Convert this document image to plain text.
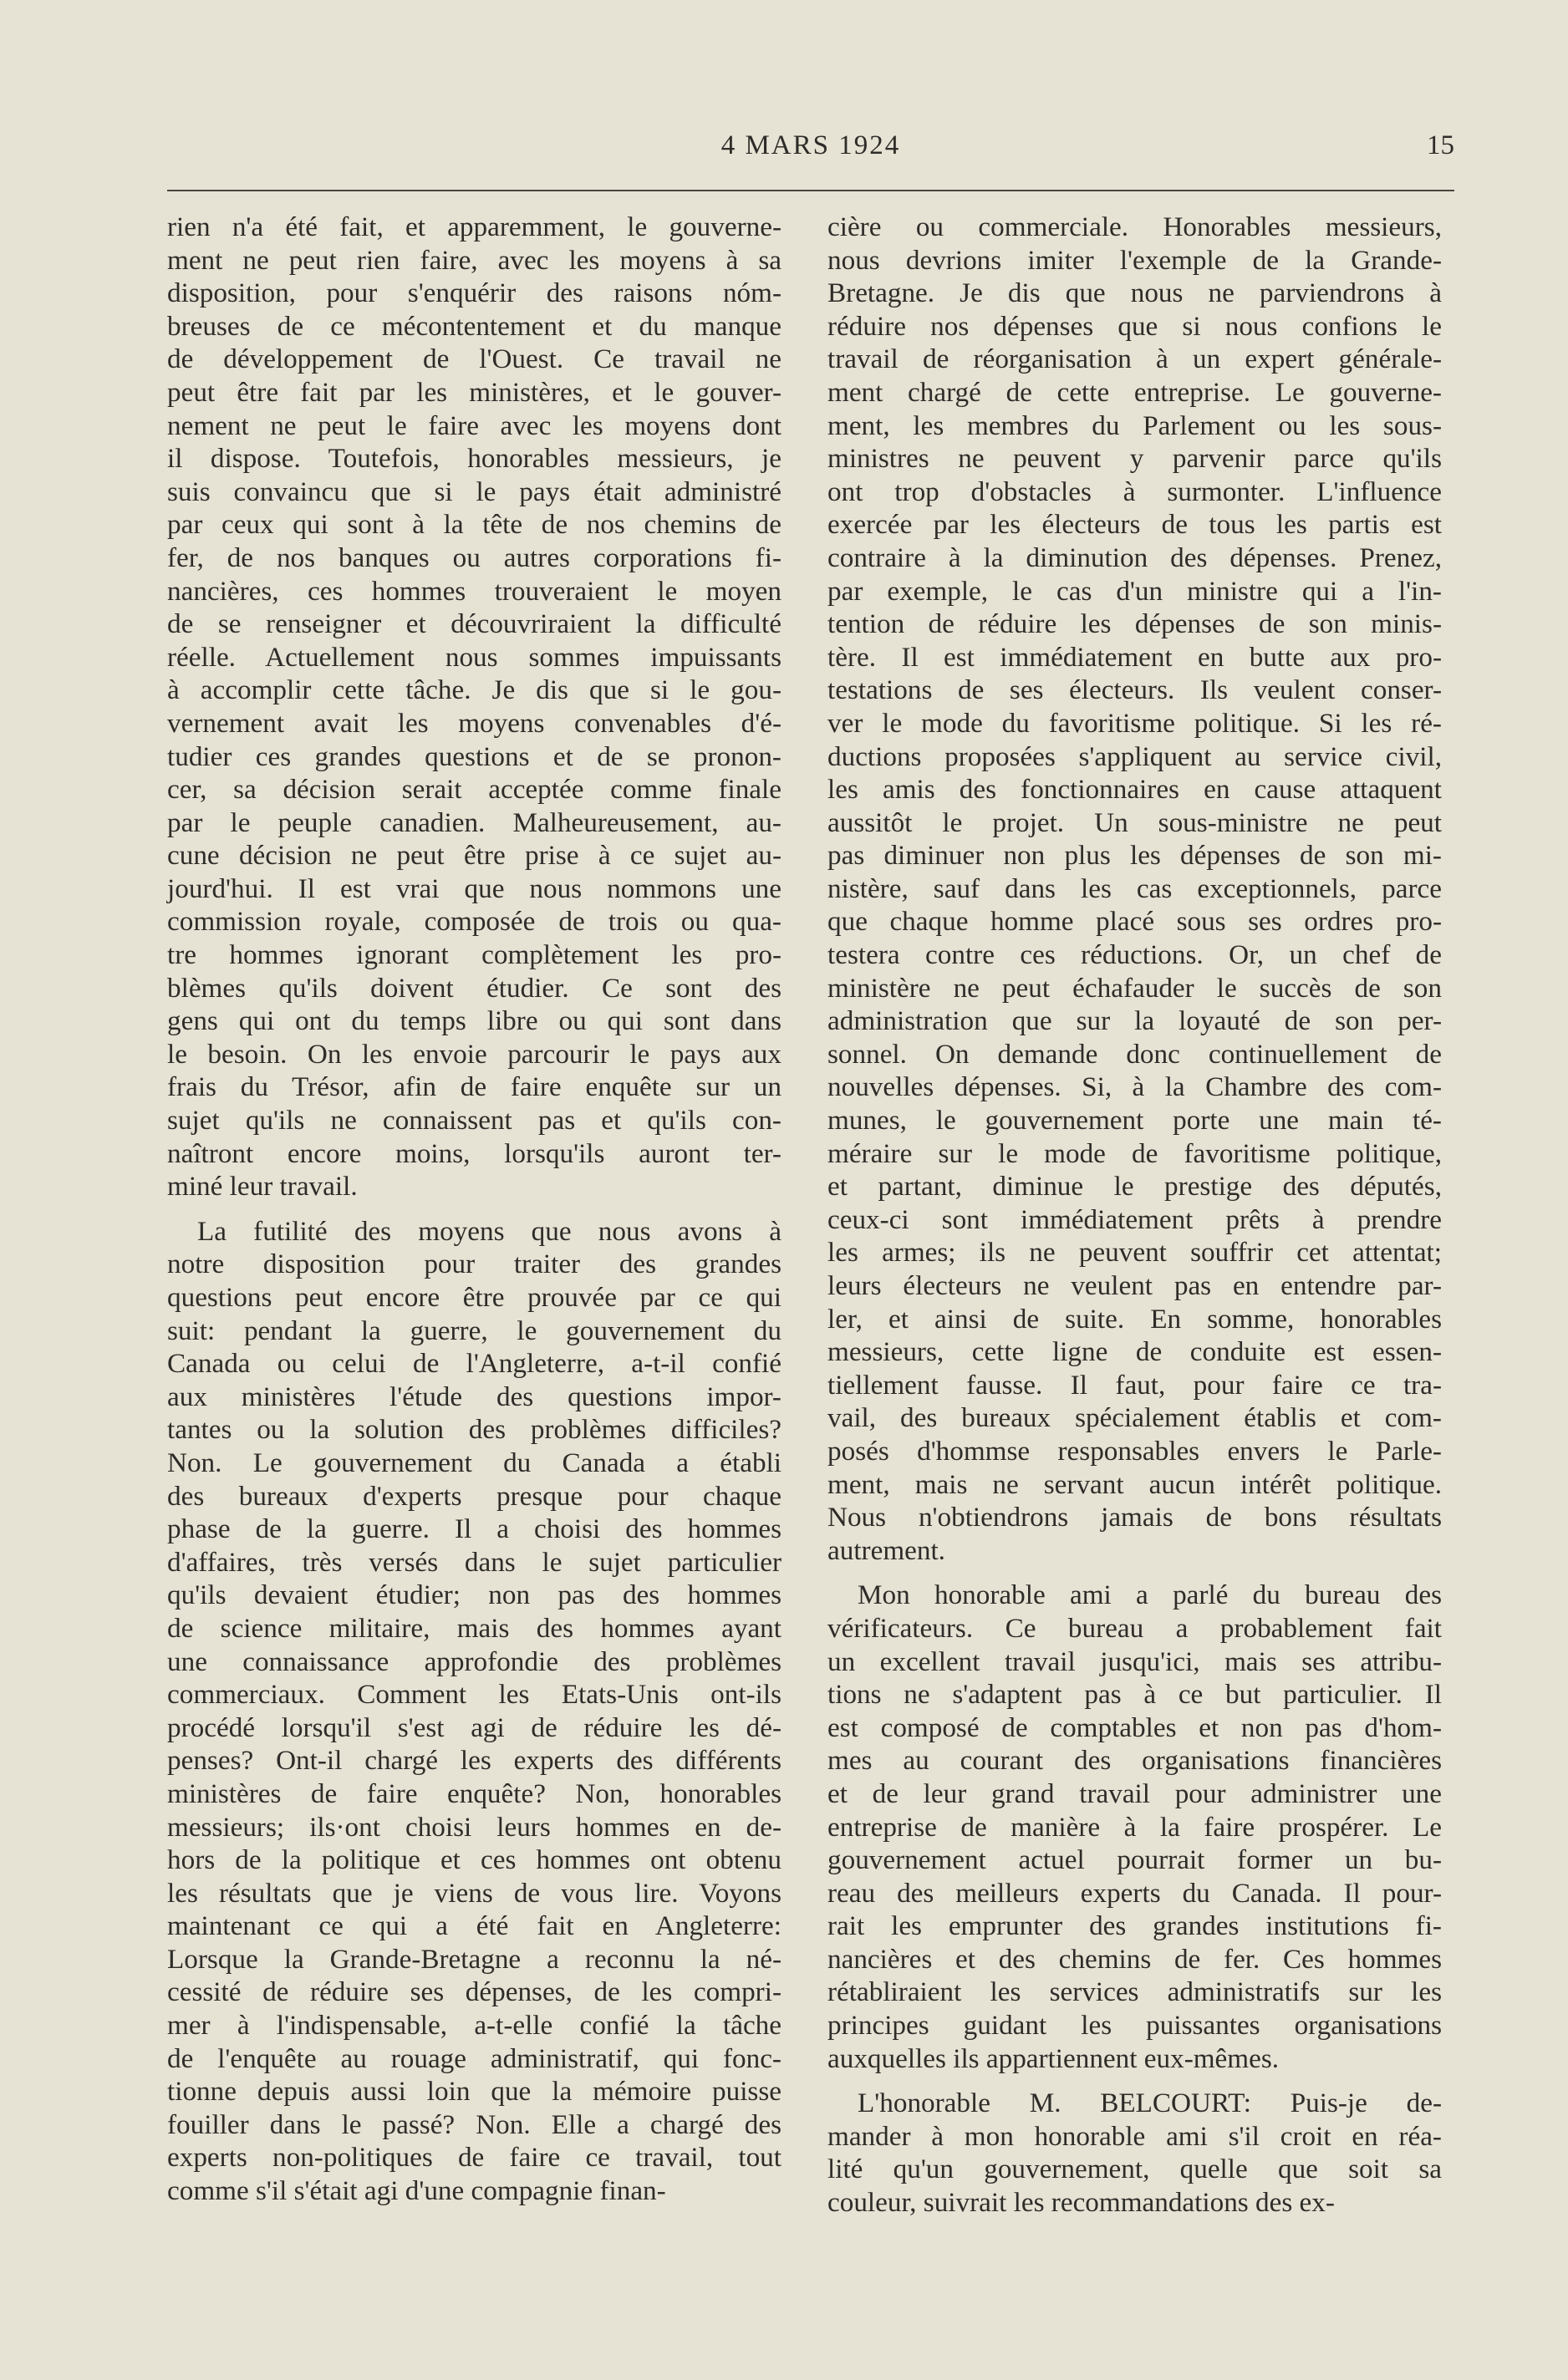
4 MARS 1924	15
rien n'a été fait, et apparemment, le gouverne-
ment ne peut rien faire, avec les moyens à sa
disposition, pour s'enquérir des raisons nóm-
breuses de ce mécontentement et du manque
de développement de l'Ouest. Ce travail ne
peut être fait par les ministères, et le gouver-
nement ne peut le faire avec les moyens dont
il dispose. Toutefois, honorables messieurs, je
suis convaincu que si le pays était administré
par ceux qui sont à la tête de nos chemins de
fer, de nos banques ou autres corporations fi-
nancières, ces hommes trouveraient le moyen
de se renseigner et découvriraient la difficulté
réelle. Actuellement nous sommes impuissants
à accomplir cette tâche. Je dis que si le gou-
vernement avait les moyens convenables d'é-
tudier ces grandes questions et de se pronon-
cer, sa décision serait acceptée comme finale
par le peuple canadien. Malheureusement, au-
cune décision ne peut être prise à ce sujet au-
jourd'hui. Il est vrai que nous nommons une
commission royale, composée de trois ou qua-
tre hommes ignorant complètement les pro-
blèmes qu'ils doivent étudier. Ce sont des
gens qui ont du temps libre ou qui sont dans
le besoin. On les envoie parcourir le pays aux
frais du Trésor, afin de faire enquête sur un
sujet qu'ils ne connaissent pas et qu'ils con-
naîtront encore moins, lorsqu'ils auront ter-
miné leur travail.
La futilité des moyens que nous avons à
notre disposition pour traiter des grandes
questions peut encore être prouvée par ce qui
suit: pendant la guerre, le gouvernement du
Canada ou celui de l'Angleterre, a-t-il confié
aux ministères l'étude des questions impor-
tantes ou la solution des problèmes difficiles?
Non. Le gouvernement du Canada a établi
des bureaux d'experts presque pour chaque
phase de la guerre. Il a choisi des hommes
d'affaires, très versés dans le sujet particulier
qu'ils devaient étudier; non pas des hommes
de science militaire, mais des hommes ayant
une connaissance approfondie des problèmes
commerciaux. Comment les Etats-Unis ont-ils
procédé lorsqu'il s'est agi de réduire les dé-
penses? Ont-il chargé les experts des différents
ministères de faire enquête? Non, honorables
messieurs; ils·ont choisi leurs hommes en de-
hors de la politique et ces hommes ont obtenu
les résultats que je viens de vous lire. Voyons
maintenant ce qui a été fait en Angleterre:
Lorsque la Grande-Bretagne a reconnu la né-
cessité de réduire ses dépenses, de les compri-
mer à l'indispensable, a-t-elle confié la tâche
de l'enquête au rouage administratif, qui fonc-
tionne depuis aussi loin que la mémoire puisse
fouiller dans le passé? Non. Elle a chargé des
experts non-politiques de faire ce travail, tout
comme s'il s'était agi d'une compagnie finan-
cière ou commerciale. Honorables messieurs,
nous devrions imiter l'exemple de la Grande-
Bretagne. Je dis que nous ne parviendrons à
réduire nos dépenses que si nous confions le
travail de réorganisation à un expert générale-
ment chargé de cette entreprise. Le gouverne-
ment, les membres du Parlement ou les sous-
ministres ne peuvent y parvenir parce qu'ils
ont trop d'obstacles à surmonter. L'influence
exercée par les électeurs de tous les partis est
contraire à la diminution des dépenses. Prenez,
par exemple, le cas d'un ministre qui a l'in-
tention de réduire les dépenses de son minis-
tère. Il est immédiatement en butte aux pro-
testations de ses électeurs. Ils veulent conser-
ver le mode du favoritisme politique. Si les ré-
ductions proposées s'appliquent au service civil,
les amis des fonctionnaires en cause attaquent
aussitôt le projet. Un sous-ministre ne peut
pas diminuer non plus les dépenses de son mi-
nistère, sauf dans les cas exceptionnels, parce
que chaque homme placé sous ses ordres pro-
testera contre ces réductions. Or, un chef de
ministère ne peut échafauder le succès de son
administration que sur la loyauté de son per-
sonnel. On demande donc continuellement de
nouvelles dépenses. Si, à la Chambre des com-
munes, le gouvernement porte une main té-
méraire sur le mode de favoritisme politique,
et partant, diminue le prestige des députés,
ceux-ci sont immédiatement prêts à prendre
les armes; ils ne peuvent souffrir cet attentat;
leurs électeurs ne veulent pas en entendre par-
ler, et ainsi de suite. En somme, honorables
messieurs, cette ligne de conduite est essen-
tiellement fausse. Il faut, pour faire ce tra-
vail, des bureaux spécialement établis et com-
posés d'hommse responsables envers le Parle-
ment, mais ne servant aucun intérêt politique.
Nous n'obtiendrons jamais de bons résultats
autrement.
Mon honorable ami a parlé du bureau des
vérificateurs. Ce bureau a probablement fait
un excellent travail jusqu'ici, mais ses attribu-
tions ne s'adaptent pas à ce but particulier. Il
est composé de comptables et non pas d'hom-
mes au courant des organisations financières
et de leur grand travail pour administrer une
entreprise de manière à la faire prospérer. Le
gouvernement actuel pourrait former un bu-
reau des meilleurs experts du Canada. Il pour-
rait les emprunter des grandes institutions fi-
nancières et des chemins de fer. Ces hommes
rétabliraient les services administratifs sur les
principes guidant les puissantes organisations
auxquelles ils appartiennent eux-mêmes.
L'honorable M. BELCOURT: Puis-je de-
mander à mon honorable ami s'il croit en réa-
lité qu'un gouvernement, quelle que soit sa
couleur, suivrait les recommandations des ex-
